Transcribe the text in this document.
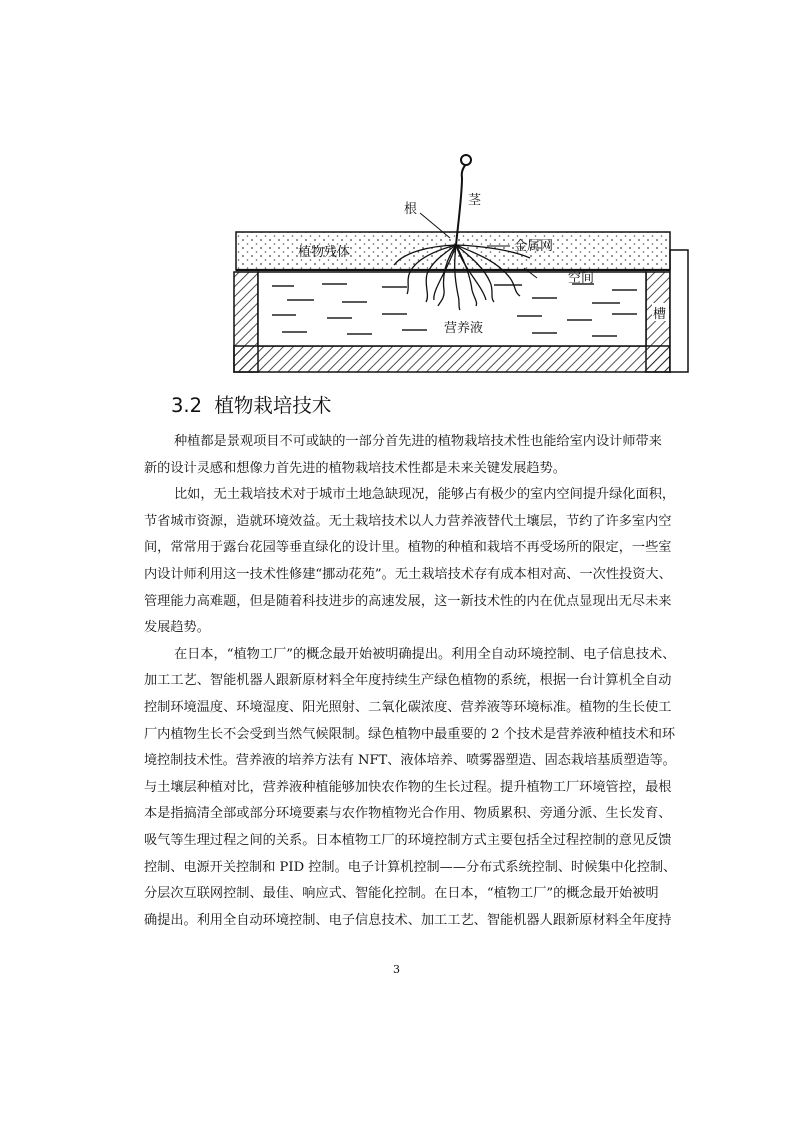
茎
根
植物残体	金属网
空间
营养液
槽
3.2 植物栽培技术
种植都是景观项目不可或缺的一部分首先进的植物栽培技术性也能给室内设计师带来
新的设计灵感和想像力首先进的植物栽培技术性都是未来关键发展趋势。
比如，无土栽培技术对于城市土地急缺现况，能够占有极少的室内空间提升绿化面积，
节省城市资源，造就环境效益。无土栽培技术以人力营养液替代土壤层，节约了许多室内空
间，常常用于露台花园等垂直绿化的设计里。植物的种植和栽培不再受场所的限定，一些室
内设计师利用这一技术性修建“挪动花苑”。无土栽培技术存有成本相对高、一次性投资大、
管理能力高难题，但是随着科技进步的高速发展，这一新技术性的内在优点显现出无尽未来
发展趋势。
在日本，“植物工厂”的概念最开始被明确提出。利用全自动环境控制、电子信息技术、
加工工艺、智能机器人跟新原材料全年度持续生产绿色植物的系统，根据一台计算机全自动
控制环境温度、环境湿度、阳光照射、二氧化碳浓度、营养液等环境标准。植物的生长使工
厂内植物生长不会受到当然气候限制。绿色植物中最重要的 2 个技术是营养液种植技术和环
境控制技术性。营养液的培养方法有 NFT、液体培养、喷雾器塑造、固态栽培基质塑造等。
与土壤层种植对比，营养液种植能够加快农作物的生长过程。提升植物工厂环境管控，最根
本是指搞清全部或部分环境要素与农作物植物光合作用、物质累积、旁通分派、生长发育、
吸气等生理过程之间的关系。日本植物工厂的环境控制方式主要包括全过程控制的意见反馈
控制、电源开关控制和 PID 控制。电子计算机控制——分布式系统控制、时候集中化控制、
分层次互联网控制、最佳、响应式、智能化控制。在日本，“植物工厂”的概念最开始被明
确提出。利用全自动环境控制、电子信息技术、加工工艺、智能机器人跟新原材料全年度持
3
